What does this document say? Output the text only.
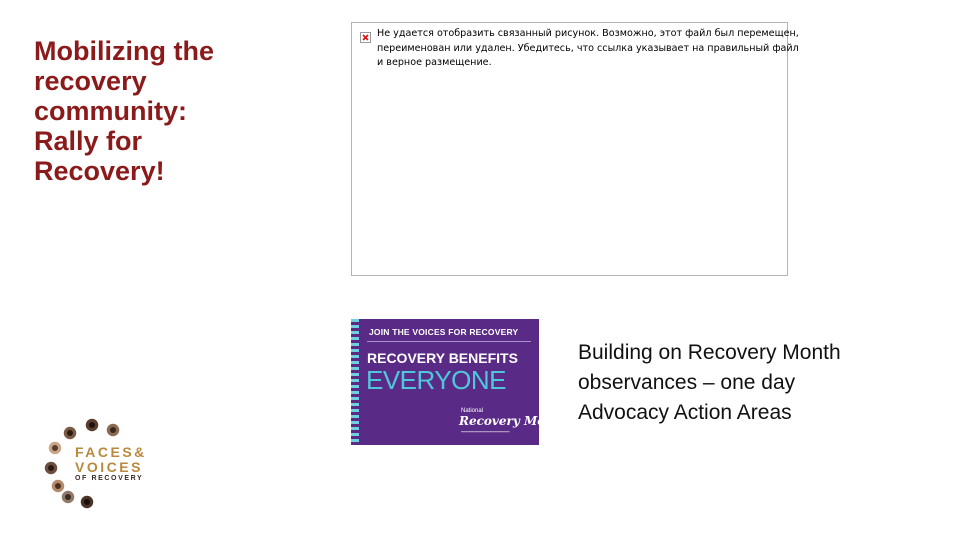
Mobilizing the
recovery
community:
Rally for
Recovery!
Не удается отобразить связанный рисунок. Возможно, этот файл был перемещен,
переименован или удален. Убедитесь, что ссылка указывает на правильный файл
и верное размещение.
JOIN THE VOICES FOR RECOVERY
RECOVERY BENEFITS
EVERYONE
National
Recovery Month
━━━━━━━━━━━━━━━━━━━━━━━
Building on Recovery Month
observances – one day
Advocacy Action Areas
FACES&
VOICES
OF RECOVERY
